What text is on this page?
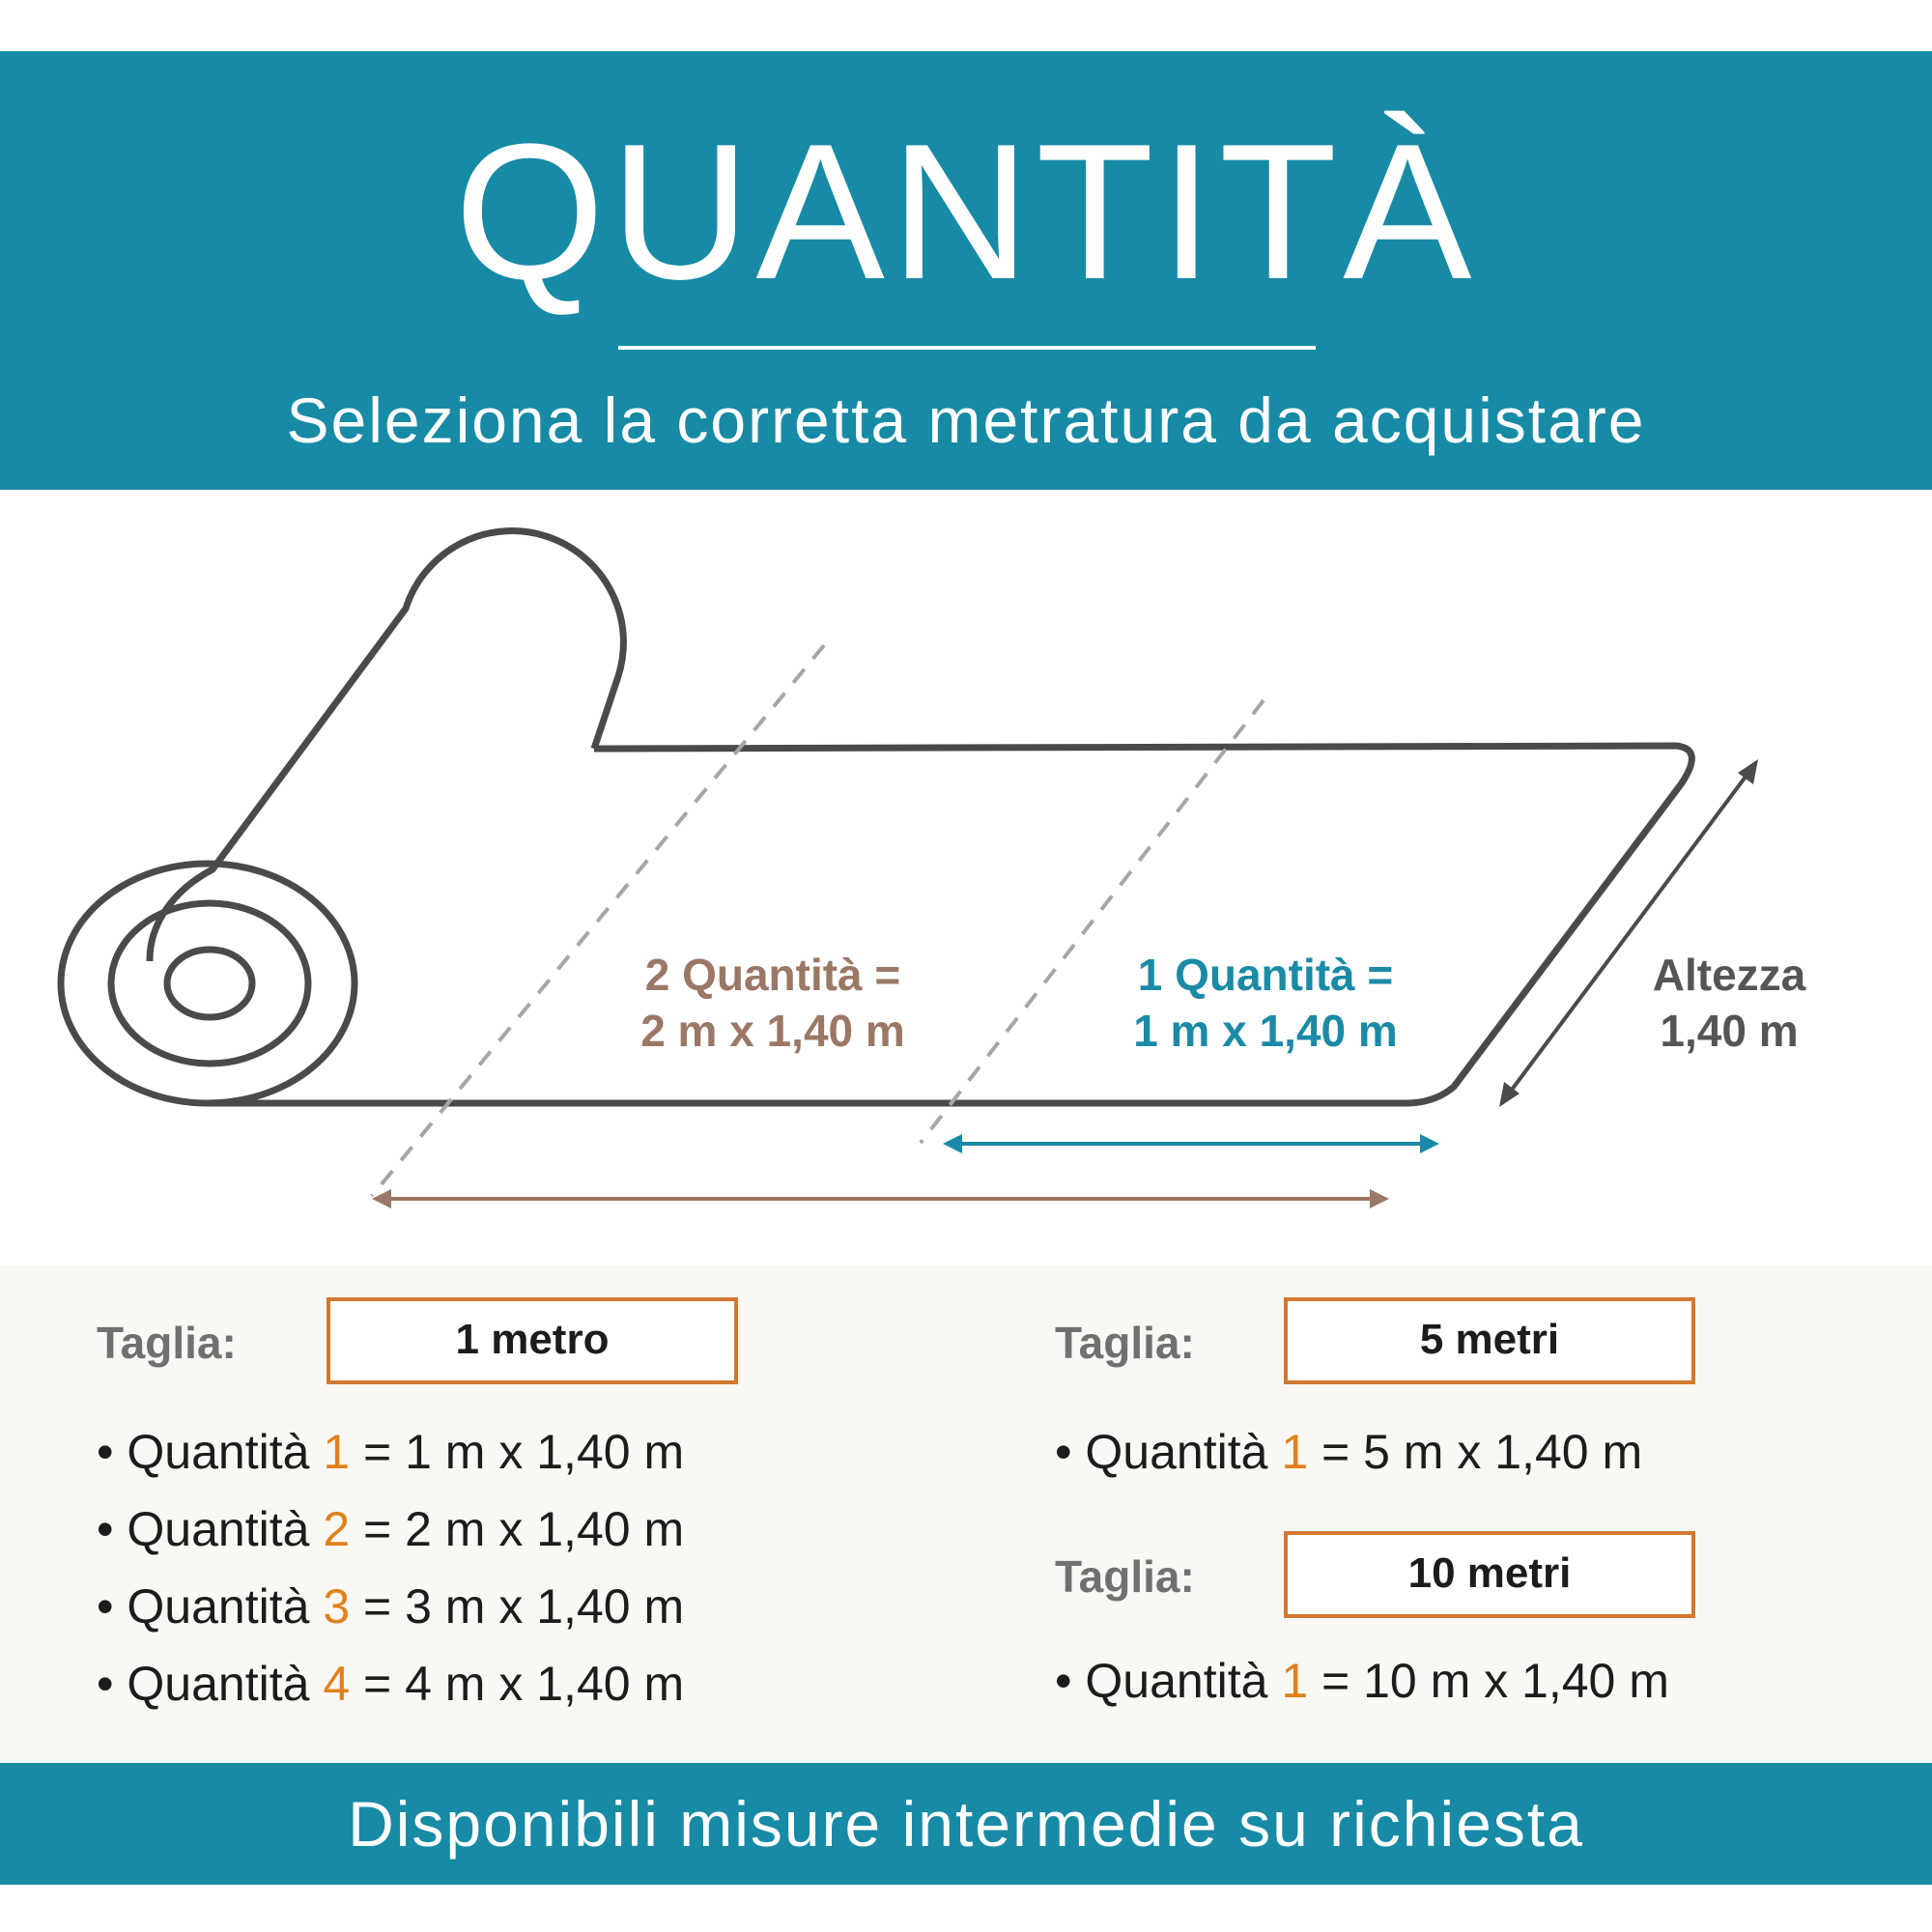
QUANTITÀ
Seleziona la corretta metratura da acquistare
2 Quantità =
2 m x 1,40 m
1 Quantità =
1 m x 1,40 m
Altezza
1,40 m
Taglia:	1 metro
• Quantità 1 = 1 m x 1,40 m
• Quantità 2 = 2 m x 1,40 m
• Quantità 3 = 3 m x 1,40 m
• Quantità 4 = 4 m x 1,40 m
Taglia:	5 metri
• Quantità 1 = 5 m x 1,40 m
Taglia:	10 metri
• Quantità 1 = 10 m x 1,40 m
Disponibili misure intermedie su richiesta
